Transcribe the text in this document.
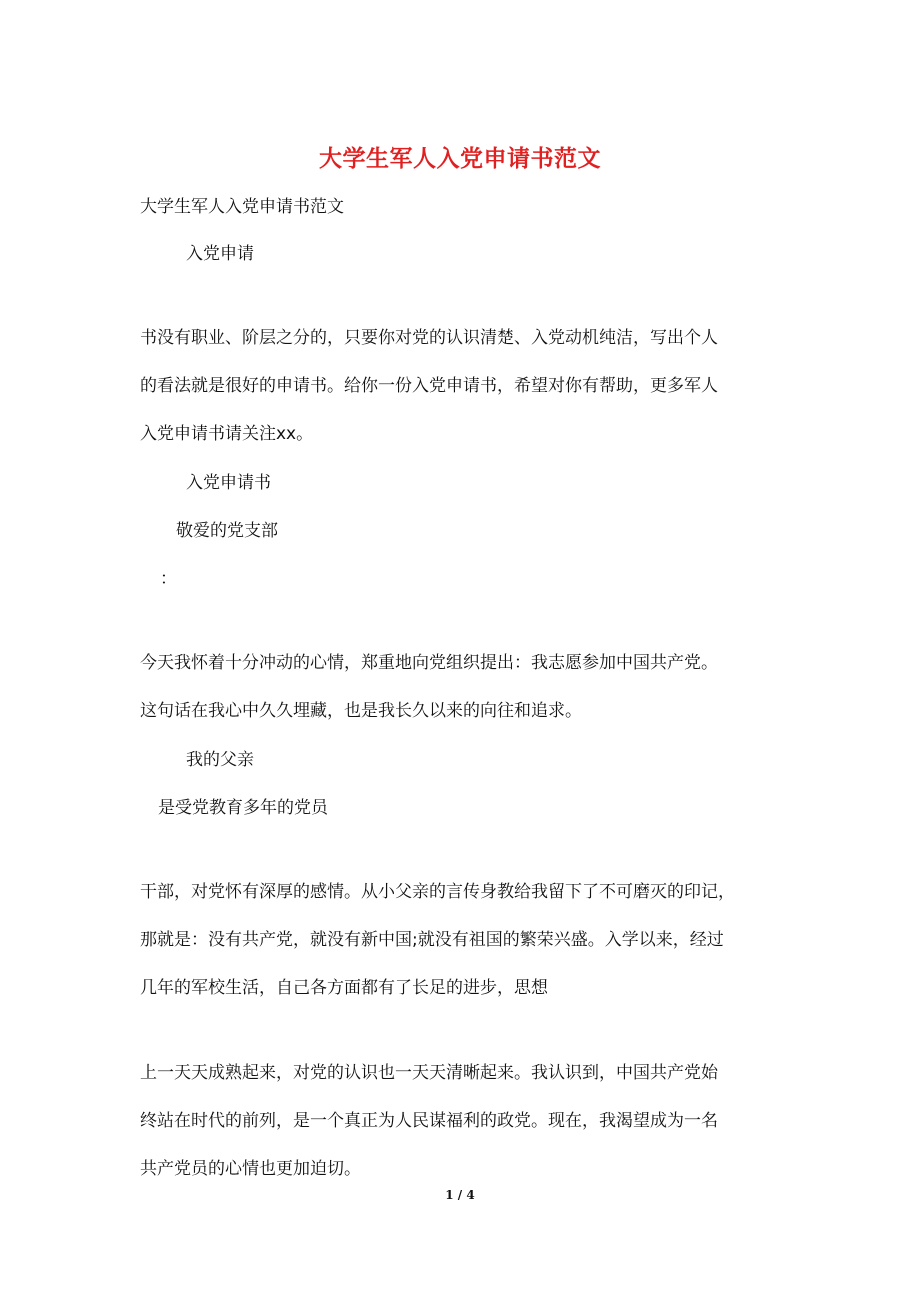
大学生军人入党申请书范文
大学生军人入党申请书范文
入党申请
书没有职业、阶层之分的，只要你对党的认识清楚、入党动机纯洁，写出个人
的看法就是很好的申请书。给你一份入党申请书，希望对你有帮助，更多军人
入党申请书请关注xx。
入党申请书
敬爱的党支部
：
今天我怀着十分冲动的心情，郑重地向党组织提出：我志愿参加中国共产党。
这句话在我心中久久埋藏，也是我长久以来的向往和追求。
我的父亲
是受党教育多年的党员
干部，对党怀有深厚的感情。从小父亲的言传身教给我留下了不可磨灭的印记，
那就是：没有共产党，就没有新中国;就没有祖国的繁荣兴盛。入学以来，经过
几年的军校生活，自己各方面都有了长足的进步，思想
上一天天成熟起来，对党的认识也一天天清晰起来。我认识到，中国共产党始
终站在时代的前列，是一个真正为人民谋福利的政党。现在，我渴望成为一名
共产党员的心情也更加迫切。
1 / 4
